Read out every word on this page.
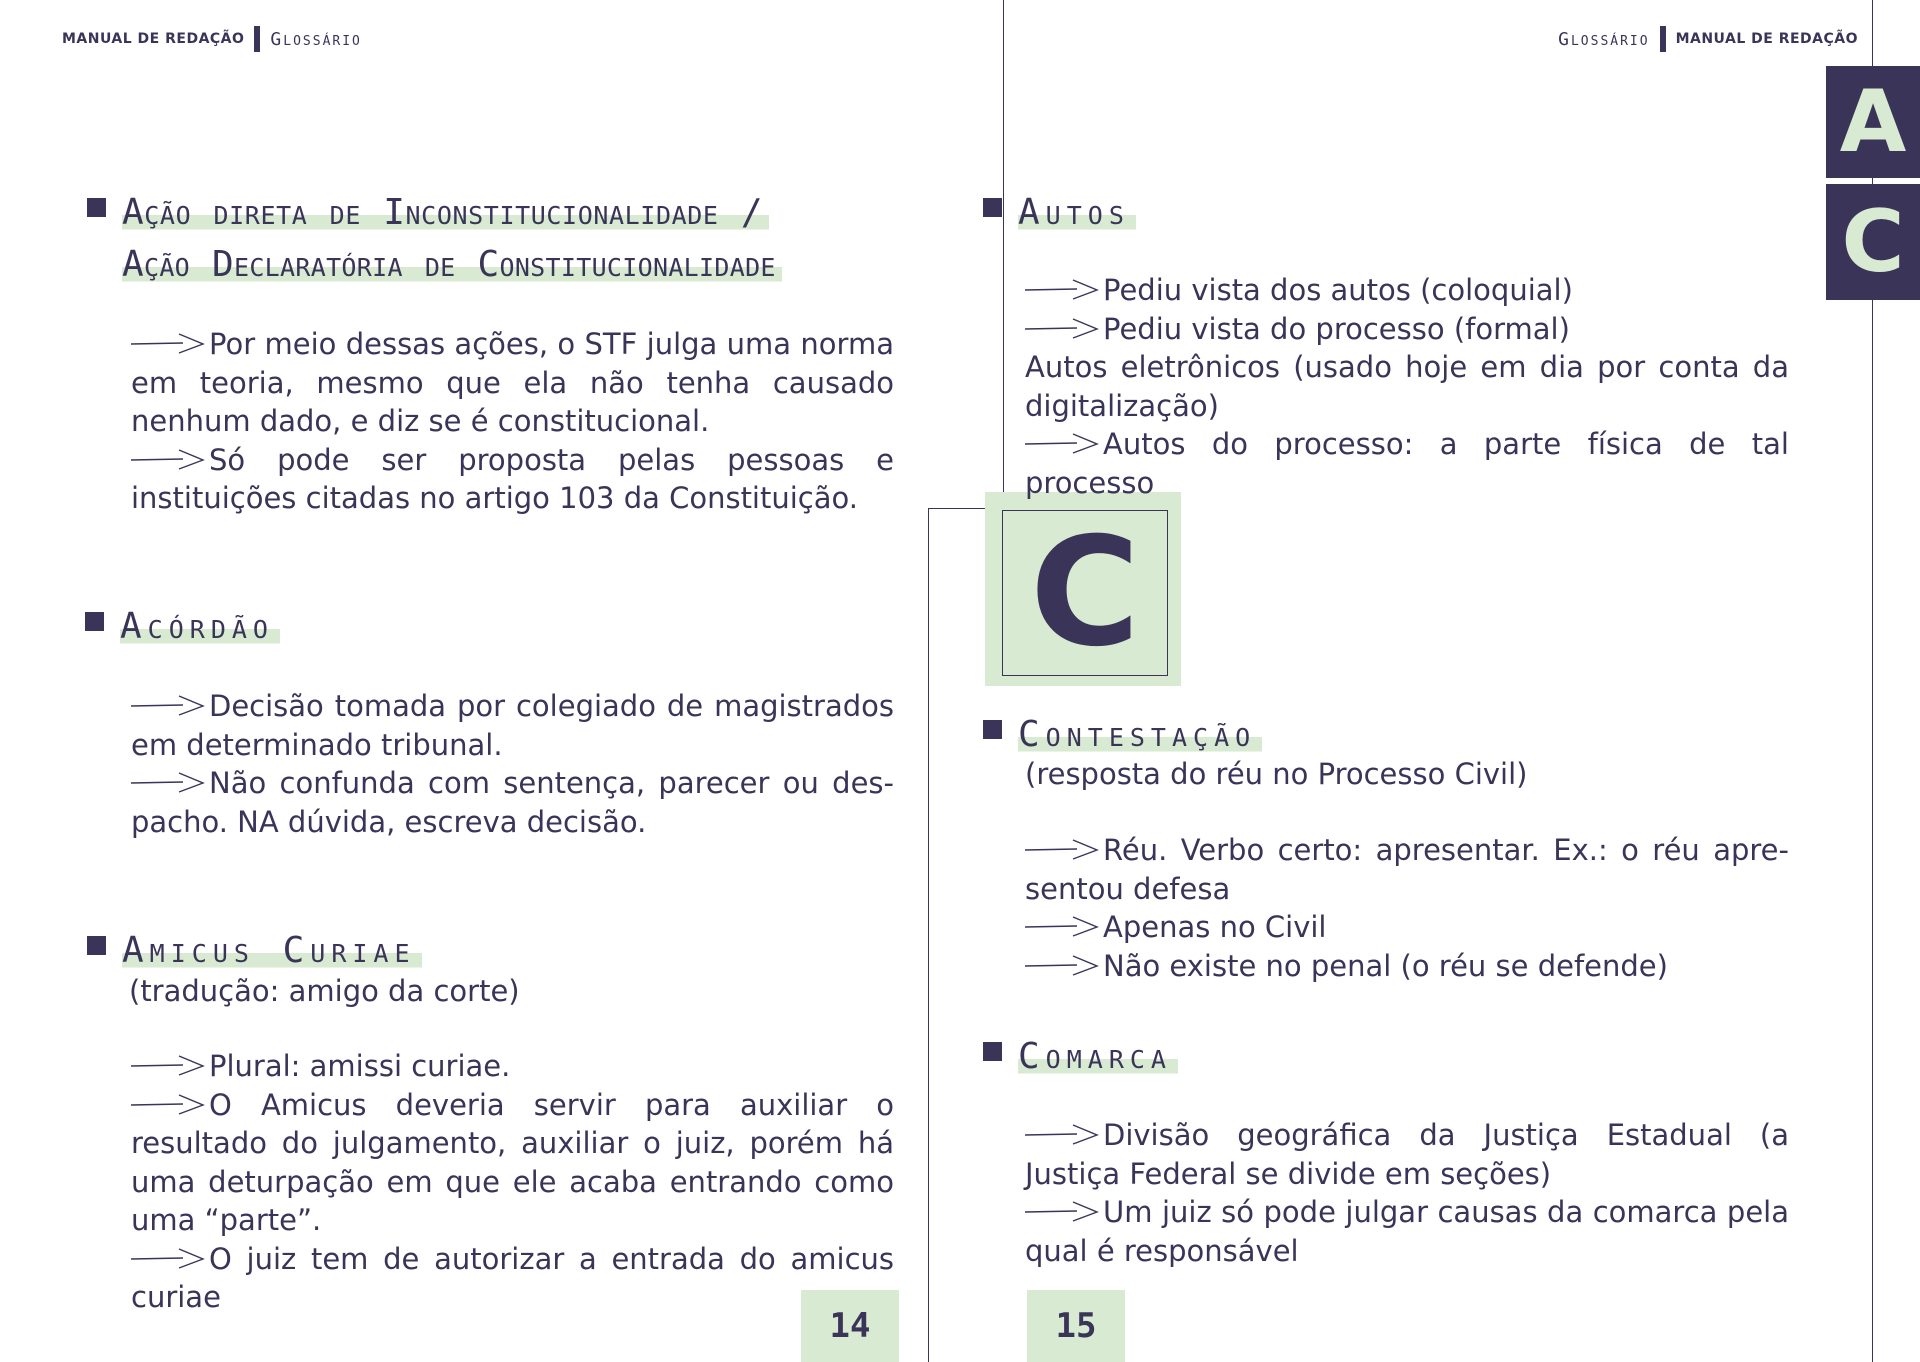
MANUAL DE REDAÇÃO Glossário	Glossário MANUAL DE REDAÇÃO
C
A
C
Ação direta de Inconstitucionalidade /
Ação Declaratória de Constitucionalidade

Por meio dessas ações, o STF julga uma norma em teoria, mesmo que ela não tenha causado nenhum dado, e diz se é constitucional.

Só pode ser proposta pelas pessoas e instituições citadas no artigo 103 da Constituição.

Acórdão

Decisão tomada por colegiado de magistrados em determinado tribunal.

Não confunda com sentença, parecer ou des-pacho. NA dúvida, escreva decisão.

Amicus Curiae
(tradução: amigo da corte)

Plural: amissi curiae.

O Amicus deveria servir para auxiliar o resultado do julgamento, auxiliar o juiz, porém há uma deturpação em que ele acaba entrando como uma “parte”.

O juiz tem de autorizar a entrada do amicus curiae

Autos

Pediu vista dos autos (coloquial)

Pediu vista do processo (formal)

Autos eletrônicos (usado hoje em dia por conta da digitalização)

Autos do processo: a parte física de tal processo

Contestação
(resposta do réu no Processo Civil)

Réu. Verbo certo: apresentar. Ex.: o réu apre-sentou defesa

Apenas no Civil

Não existe no penal (o réu se defende)

Comarca

Divisão geográfica da Justiça Estadual (a Justiça Federal se divide em seções)

Um juiz só pode julgar causas da comarca pela qual é responsável

14	15
